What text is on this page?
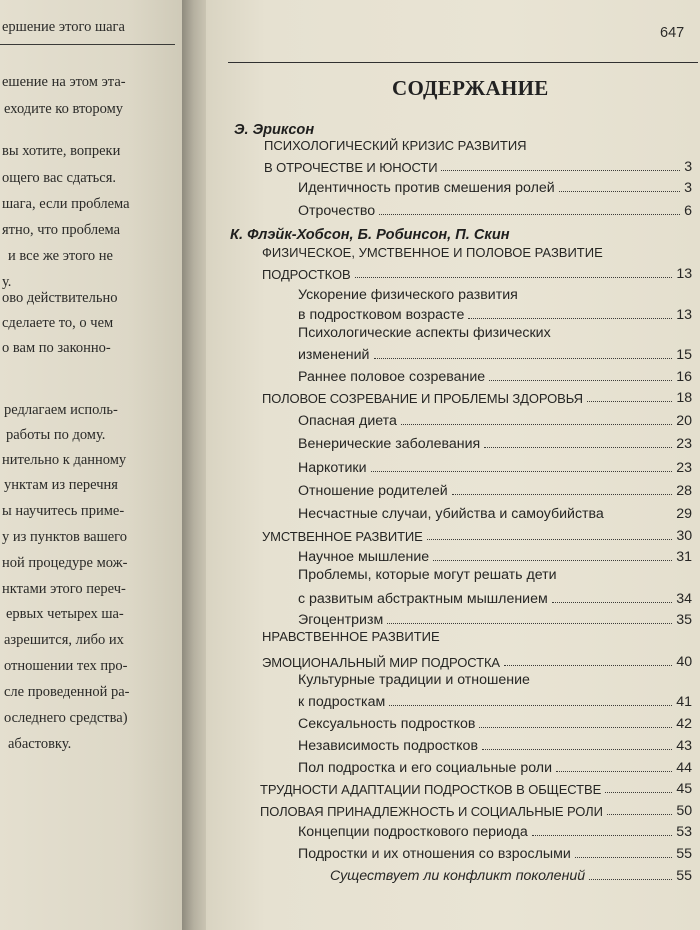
ершение этого шага
ешение на этом эта-
еходите ко второму
вы хотите, вопреки
ощего вас сдаться.
шага, если проблема
ятно, что проблема
и все же этого не
у.
ово действительно
сделаете то, о чем
о вам по законно-
редлагаем исполь-
работы по дому.
нительно к данному
унктам из перечня
ы научитесь приме-
у из пунктов вашего
ной процедуре мож-
нктами этого переч-
ервых четырех ша-
азрешится, либо их
отношении тех про-
сле проведенной ра-
оследнего средства)
абастовку.
647
СОДЕРЖАНИЕ
Э. Эриксон
ПСИХОЛОГИЧЕСКИЙ КРИЗИС РАЗВИТИЯ
В ОТРОЧЕСТВЕ И ЮНОСТИ	3
Идентичность против смешения ролей	3
Отрочество	6
К. Флэйк-Хобсон, Б. Робинсон, П. Скин
ФИЗИЧЕСКОЕ, УМСТВЕННОЕ И ПОЛОВОЕ РАЗВИТИЕ
ПОДРОСТКОВ	13
Ускорение физического развития
в подростковом возрасте	13
Психологические аспекты физических
изменений	15
Раннее половое созревание	16
ПОЛОВОЕ СОЗРЕВАНИЕ И ПРОБЛЕМЫ ЗДОРОВЬЯ	18
Опасная диета	20
Венерические заболевания	23
Наркотики	23
Отношение родителей	28
Несчастные случаи, убийства и самоубийства	29
УМСТВЕННОЕ РАЗВИТИЕ	30
Научное мышление	31
Проблемы, которые могут решать дети
с развитым абстрактным мышлением	34
Эгоцентризм	35
НРАВСТВЕННОЕ РАЗВИТИЕ
ЭМОЦИОНАЛЬНЫЙ МИР ПОДРОСТКА	40
Культурные традиции и отношение
к подросткам	41
Сексуальность подростков	42
Независимость подростков	43
Пол подростка и его социальные роли	44
ТРУДНОСТИ АДАПТАЦИИ ПОДРОСТКОВ В ОБЩЕСТВЕ	45
ПОЛОВАЯ ПРИНАДЛЕЖНОСТЬ И СОЦИАЛЬНЫЕ РОЛИ	50
Концепции подросткового периода	53
Подростки и их отношения со взрослыми	55
Существует ли конфликт поколений	55
